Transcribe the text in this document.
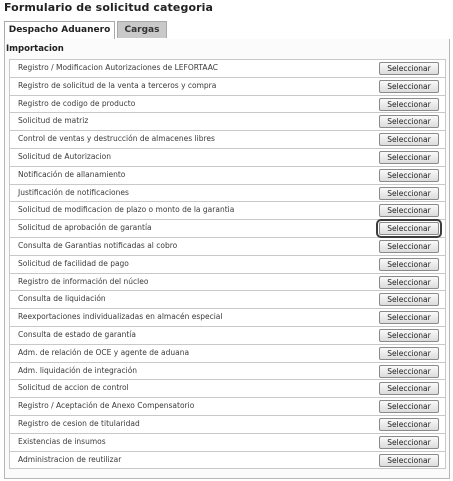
Formulario de solicitud categoria
Despacho Aduanero	Cargas
Importacion
Registro / Modificacion Autorizaciones de LEFORTAAC	Seleccionar
Registro de solicitud de la venta a terceros y compra	Seleccionar
Registro de codigo de producto	Seleccionar
Solicitud de matriz	Seleccionar
Control de ventas y destrucción de almacenes libres	Seleccionar
Solicitud de Autorizacion	Seleccionar
Notificación de allanamiento	Seleccionar
Justificación de notificaciones	Seleccionar
Solicitud de modificacion de plazo o monto de la garantia	Seleccionar
Solicitud de aprobación de garantía	Seleccionar
Consulta de Garantias notificadas al cobro	Seleccionar
Solicitud de facilidad de pago	Seleccionar
Registro de información del núcleo	Seleccionar
Consulta de liquidación	Seleccionar
Reexportaciones individualizadas en almacén especial	Seleccionar
Consulta de estado de garantía	Seleccionar
Adm. de relación de OCE y agente de aduana	Seleccionar
Adm. liquidación de integración	Seleccionar
Solicitud de accion de control	Seleccionar
Registro / Aceptación de Anexo Compensatorio	Seleccionar
Registro de cesion de titularidad	Seleccionar
Existencias de insumos	Seleccionar
Administracion de reutilizar	Seleccionar
